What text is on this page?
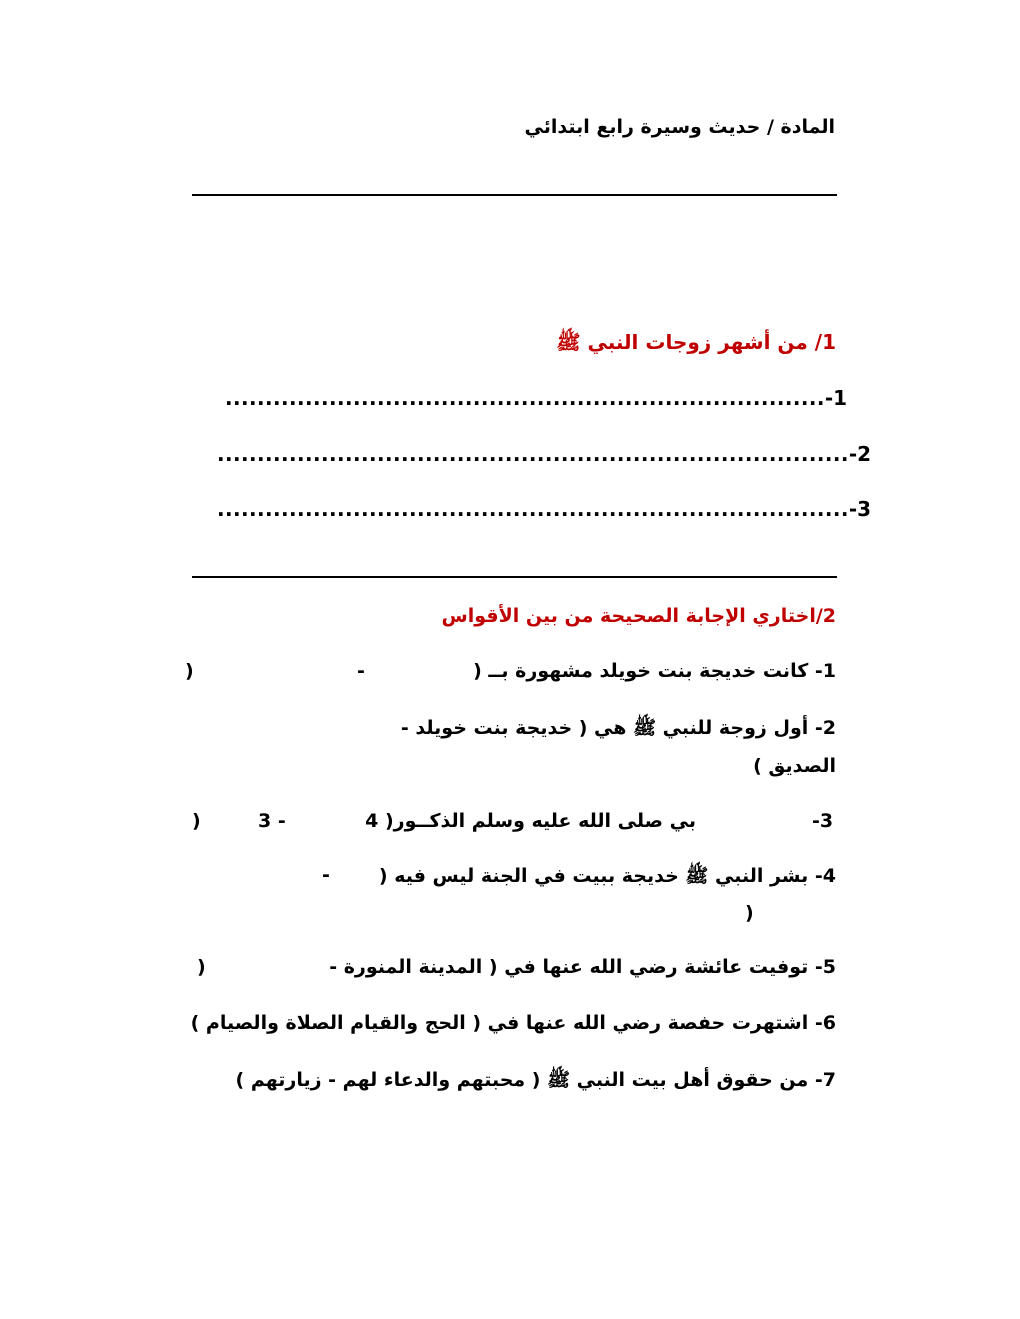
المادة / حديث وسيرة رابع ابتدائي
1/ من أشهر زوجات النبي ﷺ
...........................................................................-1
...............................................................................-2
...............................................................................-3
2/اختاري الإجابة الصحيحة من بين الأقواس
1- كانت خديجة بنت خويلد مشهورة بــ (
-
)
2- أول زوجة للنبي ﷺ هي ( خديجة بنت خويلد -
الصديق )
-3
بي صلى الله عليه وسلم الذكــور( 4
- 3
)
4- بشر النبي ﷺ خديجة ببيت في الجنة ليس فيه (
-
)
5- توفيت عائشة رضي الله عنها في ( المدينة المنورة -
)
6- اشتهرت حفصة رضي الله عنها في ( الحج والقيام الصلاة والصيام )
7- من حقوق أهل بيت النبي ﷺ ( محبتهم والدعاء لهم - زيارتهم )
